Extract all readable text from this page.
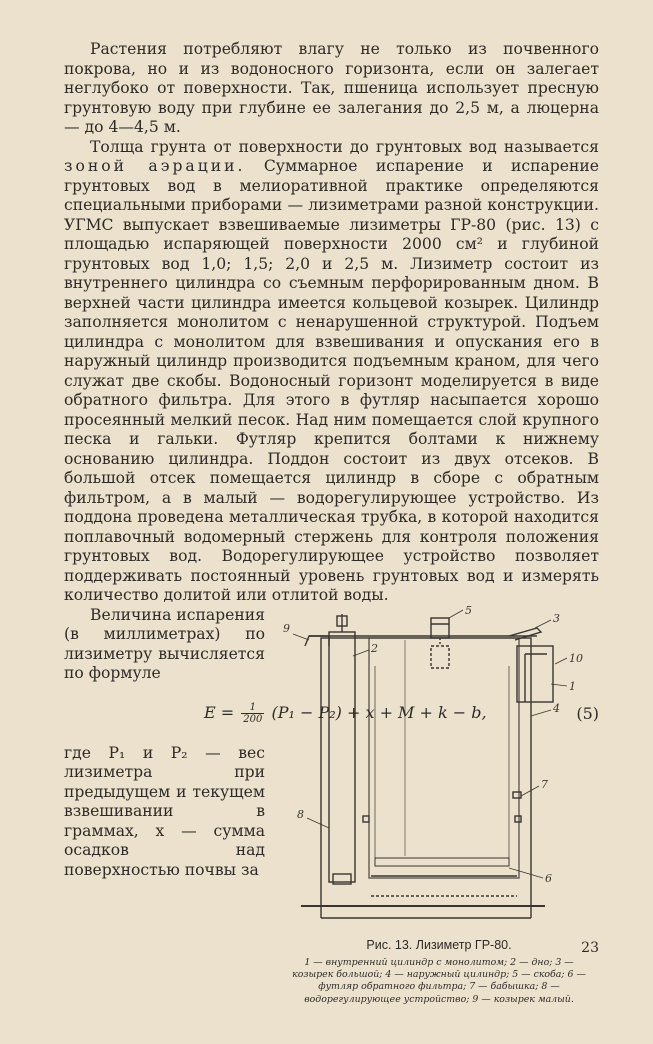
Растения потребляют влагу не только из почвенного покрова, но и из водоносного горизонта, если он залегает неглубоко от поверхности. Так, пшеница использует пресную грунтовую воду при глубине ее залегания до 2,5 м, а люцерна — до 4—4,5 м.

Толща грунта от поверхности до грунтовых вод называется зоной аэрации. Суммарное испарение и испарение грунтовых вод в мелиоративной практике определяются специальными приборами — лизиметрами разной конструкции. УГМС выпускает взвешиваемые лизиметры ГР-80 (рис. 13) с площадью испаряющей поверхности 2000 см² и глубиной грунтовых вод 1,0; 1,5; 2,0 и 2,5 м. Лизиметр состоит из внутреннего цилиндра со съемным перфорированным дном. В верхней части цилиндра имеется кольцевой козырек. Цилиндр заполняется монолитом с ненарушенной структурой. Подъем цилиндра с монолитом для взвешивания и опускания его в наружный цилиндр производится подъемным краном, для чего служат две скобы. Водоносный горизонт моделируется в виде обратного фильтра. Для этого в футляр насыпается хорошо просеянный мелкий песок. Над ним помещается слой крупного песка и гальки. Футляр крепится болтами к нижнему основанию цилиндра. Поддон состоит из двух отсеков. В большой отсек помещается цилиндр в сборе с обратным фильтром, а в малый — водорегулирующее устройство. Из поддона проведена металлическая трубка, в которой находится поплавочный водомерный стержень для контроля положения грунтовых вод. Водорегулирующее устройство позволяет поддерживать постоянный уровень грунтовых вод и измерять количество долитой или отлитой воды.

9
5
3
10
1
4
7
8
6
2
Рис. 13. Лизиметр ГР-80.
1 — внутренний цилиндр с монолитом; 2 — дно; 3 — козырек большой; 4 — наружный цилиндр; 5 — скоба; 6 — футляр обратного фильтра; 7 — бабышка; 8 — водорегулирующее устройство; 9 — козырек малый.

Величина испарения (в миллиметрах) по лизиметру вычисляется по формуле

$E = \frac{1}{200} (P_1 - P_2) + x + M + k - b$,	(5)

где P₁ и P₂ — вес лизиметра при предыдущем и текущем взвешивании в граммах, x — сумма осадков над поверхностью почвы за

23
